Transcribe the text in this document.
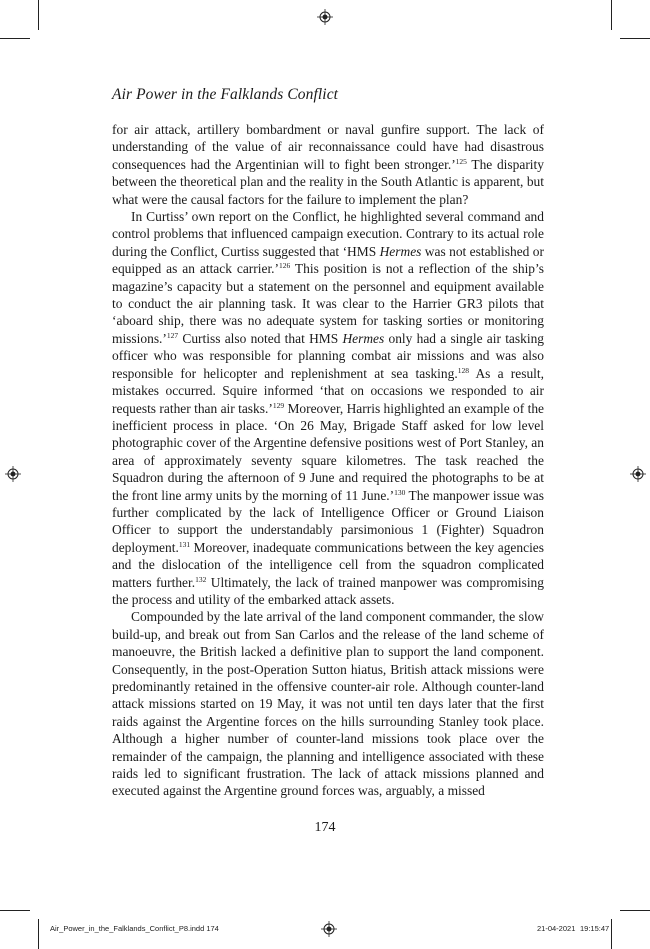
Air Power in the Falklands Conflict

for air attack, artillery bombardment or naval gunfire support. The lack of understanding of the value of air reconnaissance could have had disastrous consequences had the Argentinian will to fight been stronger.’$^{125}$ The disparity between the theoretical plan and the reality in the South Atlantic is apparent, but what were the causal factors for the failure to implement the plan?

In Curtiss’ own report on the Conflict, he highlighted several command and control problems that influenced campaign execution. Contrary to its actual role during the Conflict, Curtiss suggested that ‘HMS Hermes was not established or equipped as an attack carrier.’$^{126}$ This position is not a reflection of the ship’s magazine’s capacity but a statement on the personnel and equipment available to conduct the air planning task. It was clear to the Harrier GR3 pilots that ‘aboard ship, there was no adequate system for tasking sorties or monitoring missions.’$^{127}$ Curtiss also noted that HMS Hermes only had a single air tasking officer who was responsible for planning combat air missions and was also responsible for helicopter and replenishment at sea tasking.$^{128}$ As a result, mistakes occurred. Squire informed ‘that on occasions we responded to air requests rather than air tasks.’$^{129}$ Moreover, Harris highlighted an example of the inefficient process in place. ‘On 26 May, Brigade Staff asked for low level photographic cover of the Argentine defensive positions west of Port Stanley, an area of approximately seventy square kilometres. The task reached the Squadron during the afternoon of 9 June and required the photographs to be at the front line army units by the morning of 11 June.’$^{130}$ The manpower issue was further complicated by the lack of Intelligence Officer or Ground Liaison Officer to support the understandably parsimonious 1 (Fighter) Squadron deployment.$^{131}$ Moreover, inadequate communications between the key agencies and the dislocation of the intelligence cell from the squadron complicated matters further.$^{132}$ Ultimately, the lack of trained manpower was compromising the process and utility of the embarked attack assets.

Compounded by the late arrival of the land component commander, the slow build-up, and break out from San Carlos and the release of the land scheme of manoeuvre, the British lacked a definitive plan to support the land component. Consequently, in the post-Operation Sutton hiatus, British attack missions were predominantly retained in the offensive counter-air role. Although counter-land attack missions started on 19 May, it was not until ten days later that the first raids against the Argentine forces on the hills surrounding Stanley took place. Although a higher number of counter-land missions took place over the remainder of the campaign, the planning and intelligence associated with these raids led to significant frustration. The lack of attack missions planned and executed against the Argentine ground forces was, arguably, a missed

174
Air_Power_in_the_Falklands_Conflict_P8.indd 174	21-04-2021 19:15:47
